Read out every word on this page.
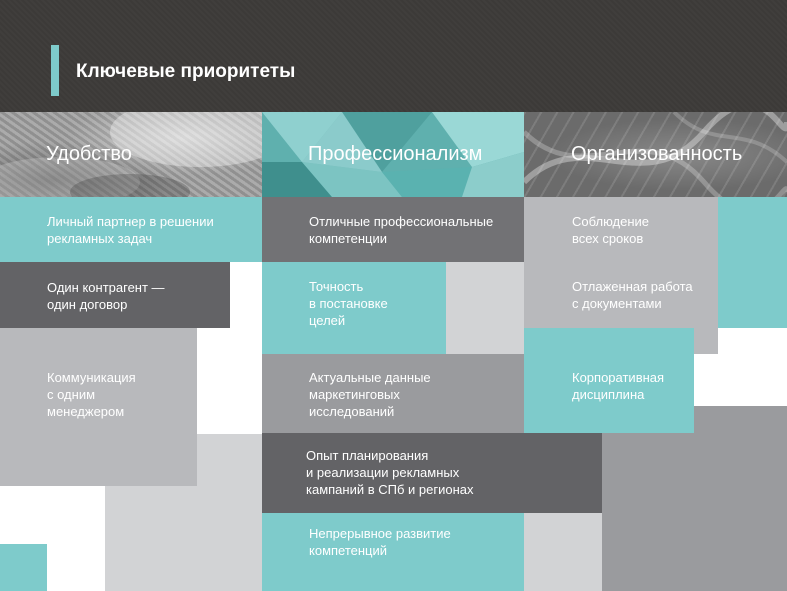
Ключевые приоритеты
Удобство	Профессионализм	Организованность
Личный партнер в решении
рекламных задач
Один контрагент —
один договор
Коммуникация
с одним
менеджером
Отличные профессиональные
компетенции
Точность
в постановке
целей
Актуальные данные
маркетинговых
исследований
Опыт планирования
и реализации рекламных
кампаний в СПб и регионах
Непрерывное развитие
компетенций
Соблюдение
всех сроков
Отлаженная работа
с документами
Корпоративная
дисциплина
